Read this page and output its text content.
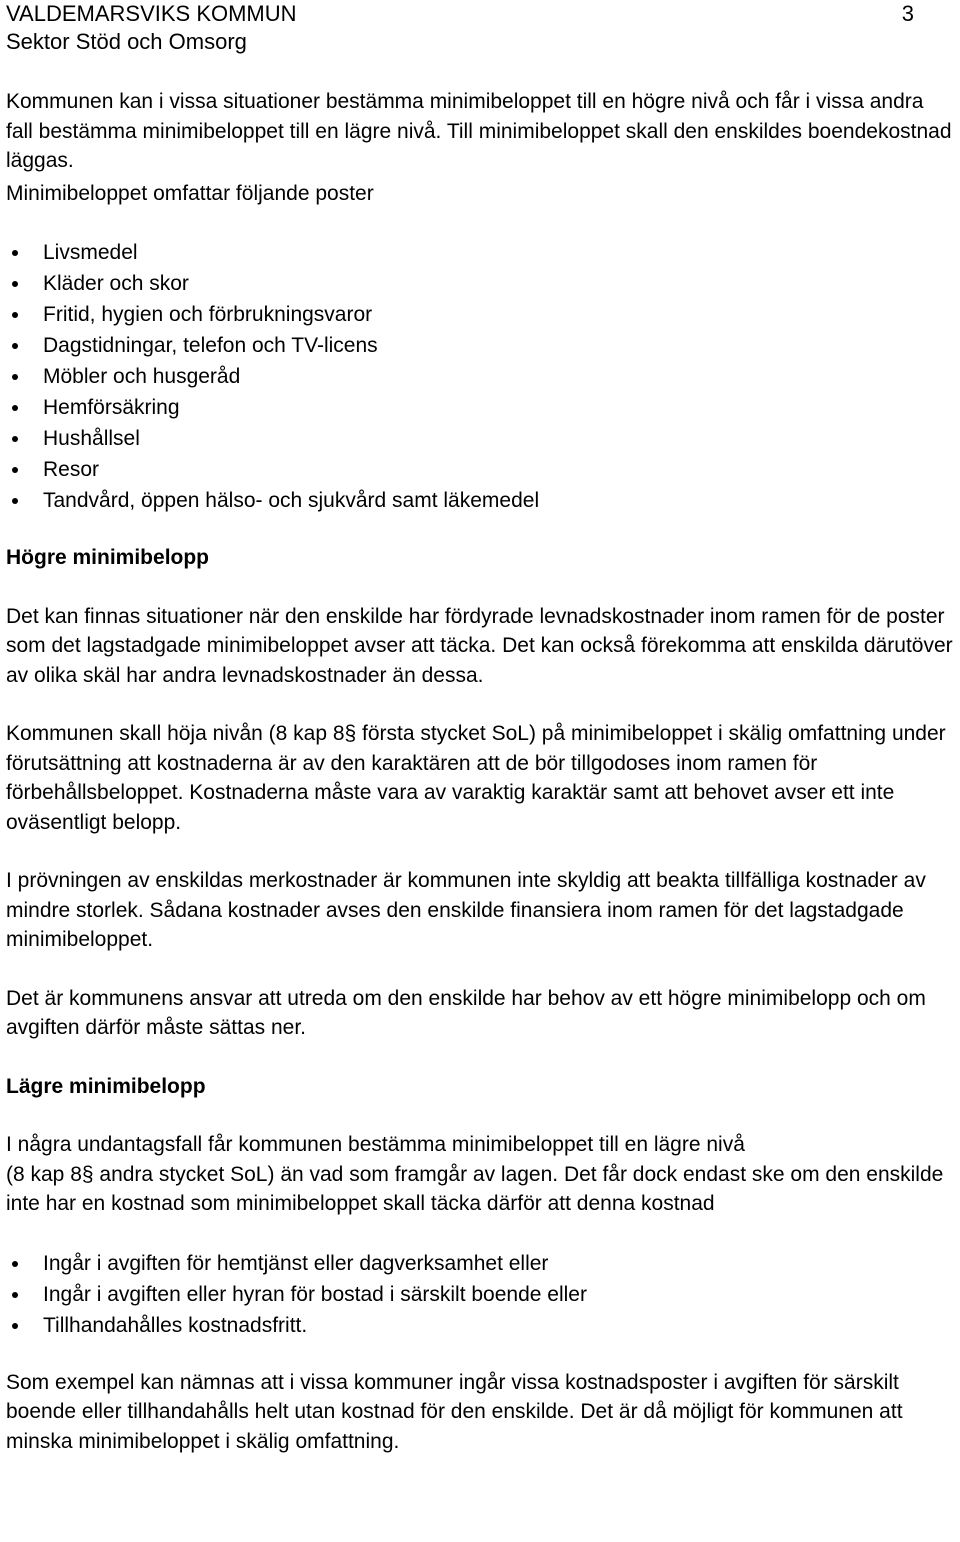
VALDEMARSVIKS KOMMUN
Sektor Stöd och Omsorg
3

Kommunen kan i vissa situationer bestämma minimibeloppet till en högre nivå och får i vissa andra fall bestämma minimibeloppet till en lägre nivå. Till minimibeloppet skall den enskildes boendekostnad läggas.

Minimibeloppet omfattar följande poster

Livsmedel
Kläder och skor
Fritid, hygien och förbrukningsvaror
Dagstidningar, telefon och TV-licens
Möbler och husgeråd
Hemförsäkring
Hushållsel
Resor
Tandvård, öppen hälso- och sjukvård samt läkemedel
Högre minimibelopp

Det kan finnas situationer när den enskilde har fördyrade levnadskostnader inom ramen för de poster som det lagstadgade minimibeloppet avser att täcka. Det kan också förekomma att enskilda därutöver av olika skäl har andra levnadskostnader än dessa.

Kommunen skall höja nivån (8 kap 8§ första stycket SoL) på minimibeloppet i skälig omfattning under förutsättning att kostnaderna är av den karaktären att de bör tillgodoses inom ramen för förbehållsbeloppet. Kostnaderna måste vara av varaktig karaktär samt att behovet avser ett inte oväsentligt belopp.

I prövningen av enskildas merkostnader är kommunen inte skyldig att beakta tillfälliga kostnader av mindre storlek. Sådana kostnader avses den enskilde finansiera inom ramen för det lagstadgade minimibeloppet.

Det är kommunens ansvar att utreda om den enskilde har behov av ett högre minimibelopp och om avgiften därför måste sättas ner.

Lägre minimibelopp

I några undantagsfall får kommunen bestämma minimibeloppet till en lägre nivå
(8 kap 8§ andra stycket SoL) än vad som framgår av lagen. Det får dock endast ske om den enskilde inte har en kostnad som minimibeloppet skall täcka därför att denna kostnad

Ingår i avgiften för hemtjänst eller dagverksamhet eller
Ingår i avgiften eller hyran för bostad i särskilt boende eller
Tillhandahålles kostnadsfritt.

Som exempel kan nämnas att i vissa kommuner ingår vissa kostnadsposter i avgiften för särskilt boende eller tillhandahålls helt utan kostnad för den enskilde. Det är då möjligt för kommunen att minska minimibeloppet i skälig omfattning.
